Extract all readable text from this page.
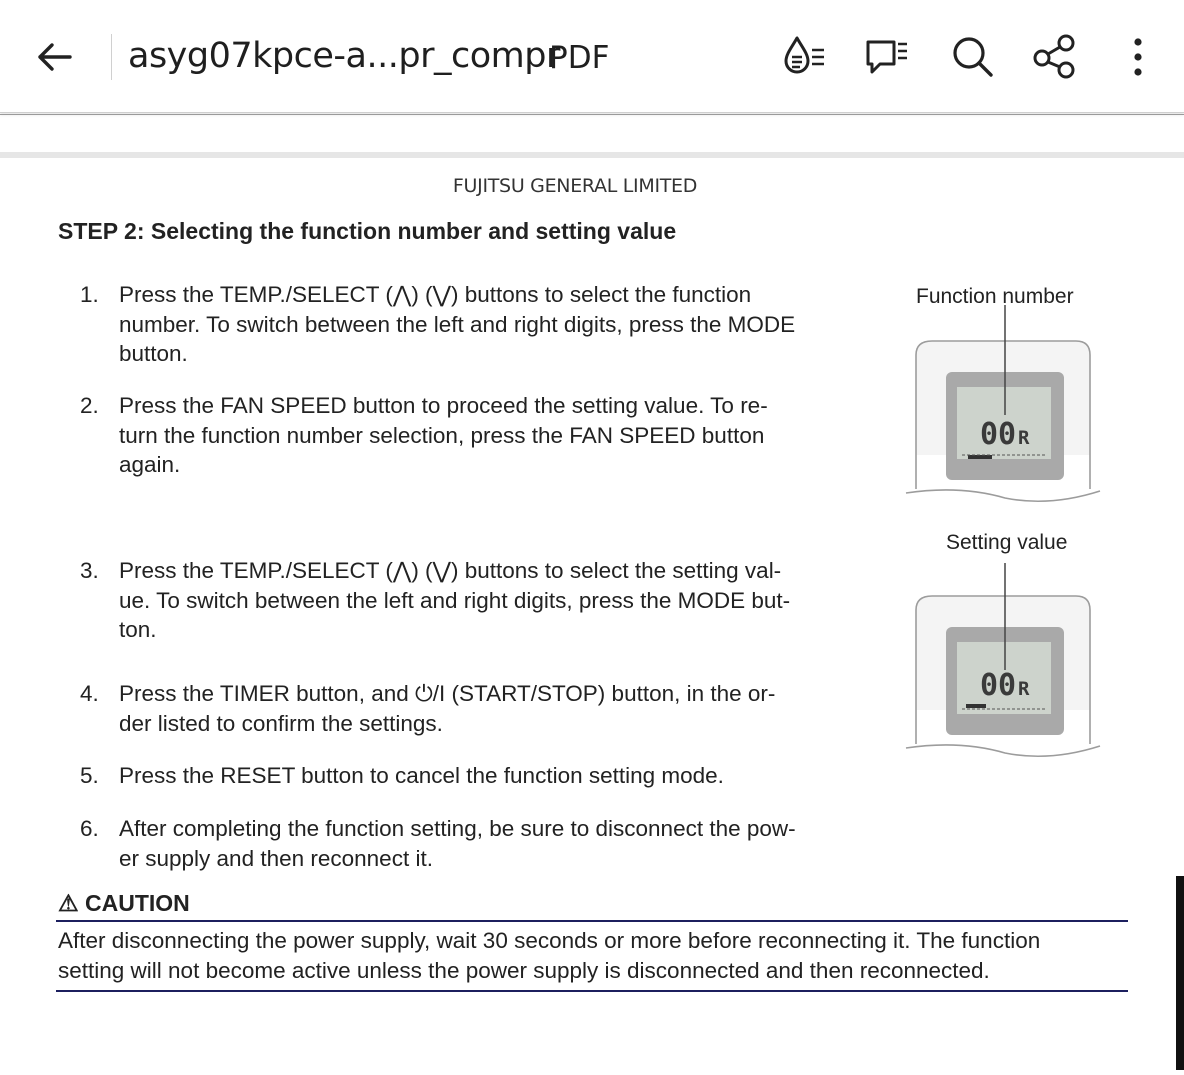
asyg07kpce-a...pr_compr
PDF
FUJITSU GENERAL LIMITED
STEP 2: Selecting the function number and setting value
1. Press the TEMP./SELECT (⋀) (⋁) buttons to select the function
number. To switch between the left and right digits, press the MODE
button.
2. Press the FAN SPEED button to proceed the setting value. To re-
turn the function number selection, press the FAN SPEED button
again.
3. Press the TEMP./SELECT (⋀) (⋁) buttons to select the setting val-
ue. To switch between the left and right digits, press the MODE but-
ton.
4. Press the TIMER button, and ⏻/I (START/STOP) button, in the or-
der listed to confirm the settings.
5. Press the RESET button to cancel the function setting mode.
6. After completing the function setting, be sure to disconnect the pow-
er supply and then reconnect it.
Function number
00 R
Setting value
00 R
⚠ CAUTION
After disconnecting the power supply, wait 30 seconds or more before reconnecting it. The function
setting will not become active unless the power supply is disconnected and then reconnected.
